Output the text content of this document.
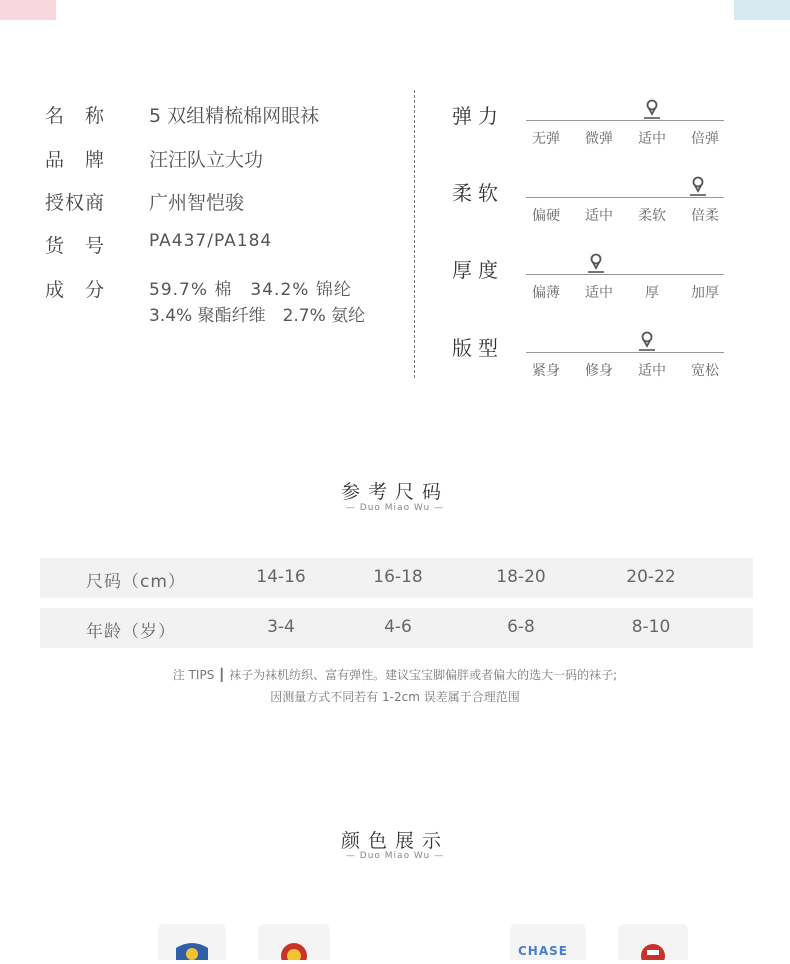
名　称	5 双组精梳棉网眼袜
品　牌	汪汪队立大功
授权商	广州智恺骏
货　号	PA437/PA184
成　分	59.7% 棉　34.2% 锦纶
3.4% 聚酯纤维　2.7% 氨纶
弹力
无弹	微弹	适中	倍弹
柔软
偏硬	适中	柔软	倍柔
厚度
偏薄	适中	厚	加厚
版型
紧身	修身	适中	宽松
参考尺码
— Duo Miao Wu —
尺码（cm）	14-16	16-18	18-20	20-22
年龄（岁）	3-4	4-6	6-8	8-10
注 TIPS ┃ 袜子为袜机纺织、富有弹性。建议宝宝脚偏胖或者偏大的选大一码的袜子;
因测量方式不同若有 1-2cm 误差属于合理范围
颜色展示
— Duo Miao Wu —
CHASE
